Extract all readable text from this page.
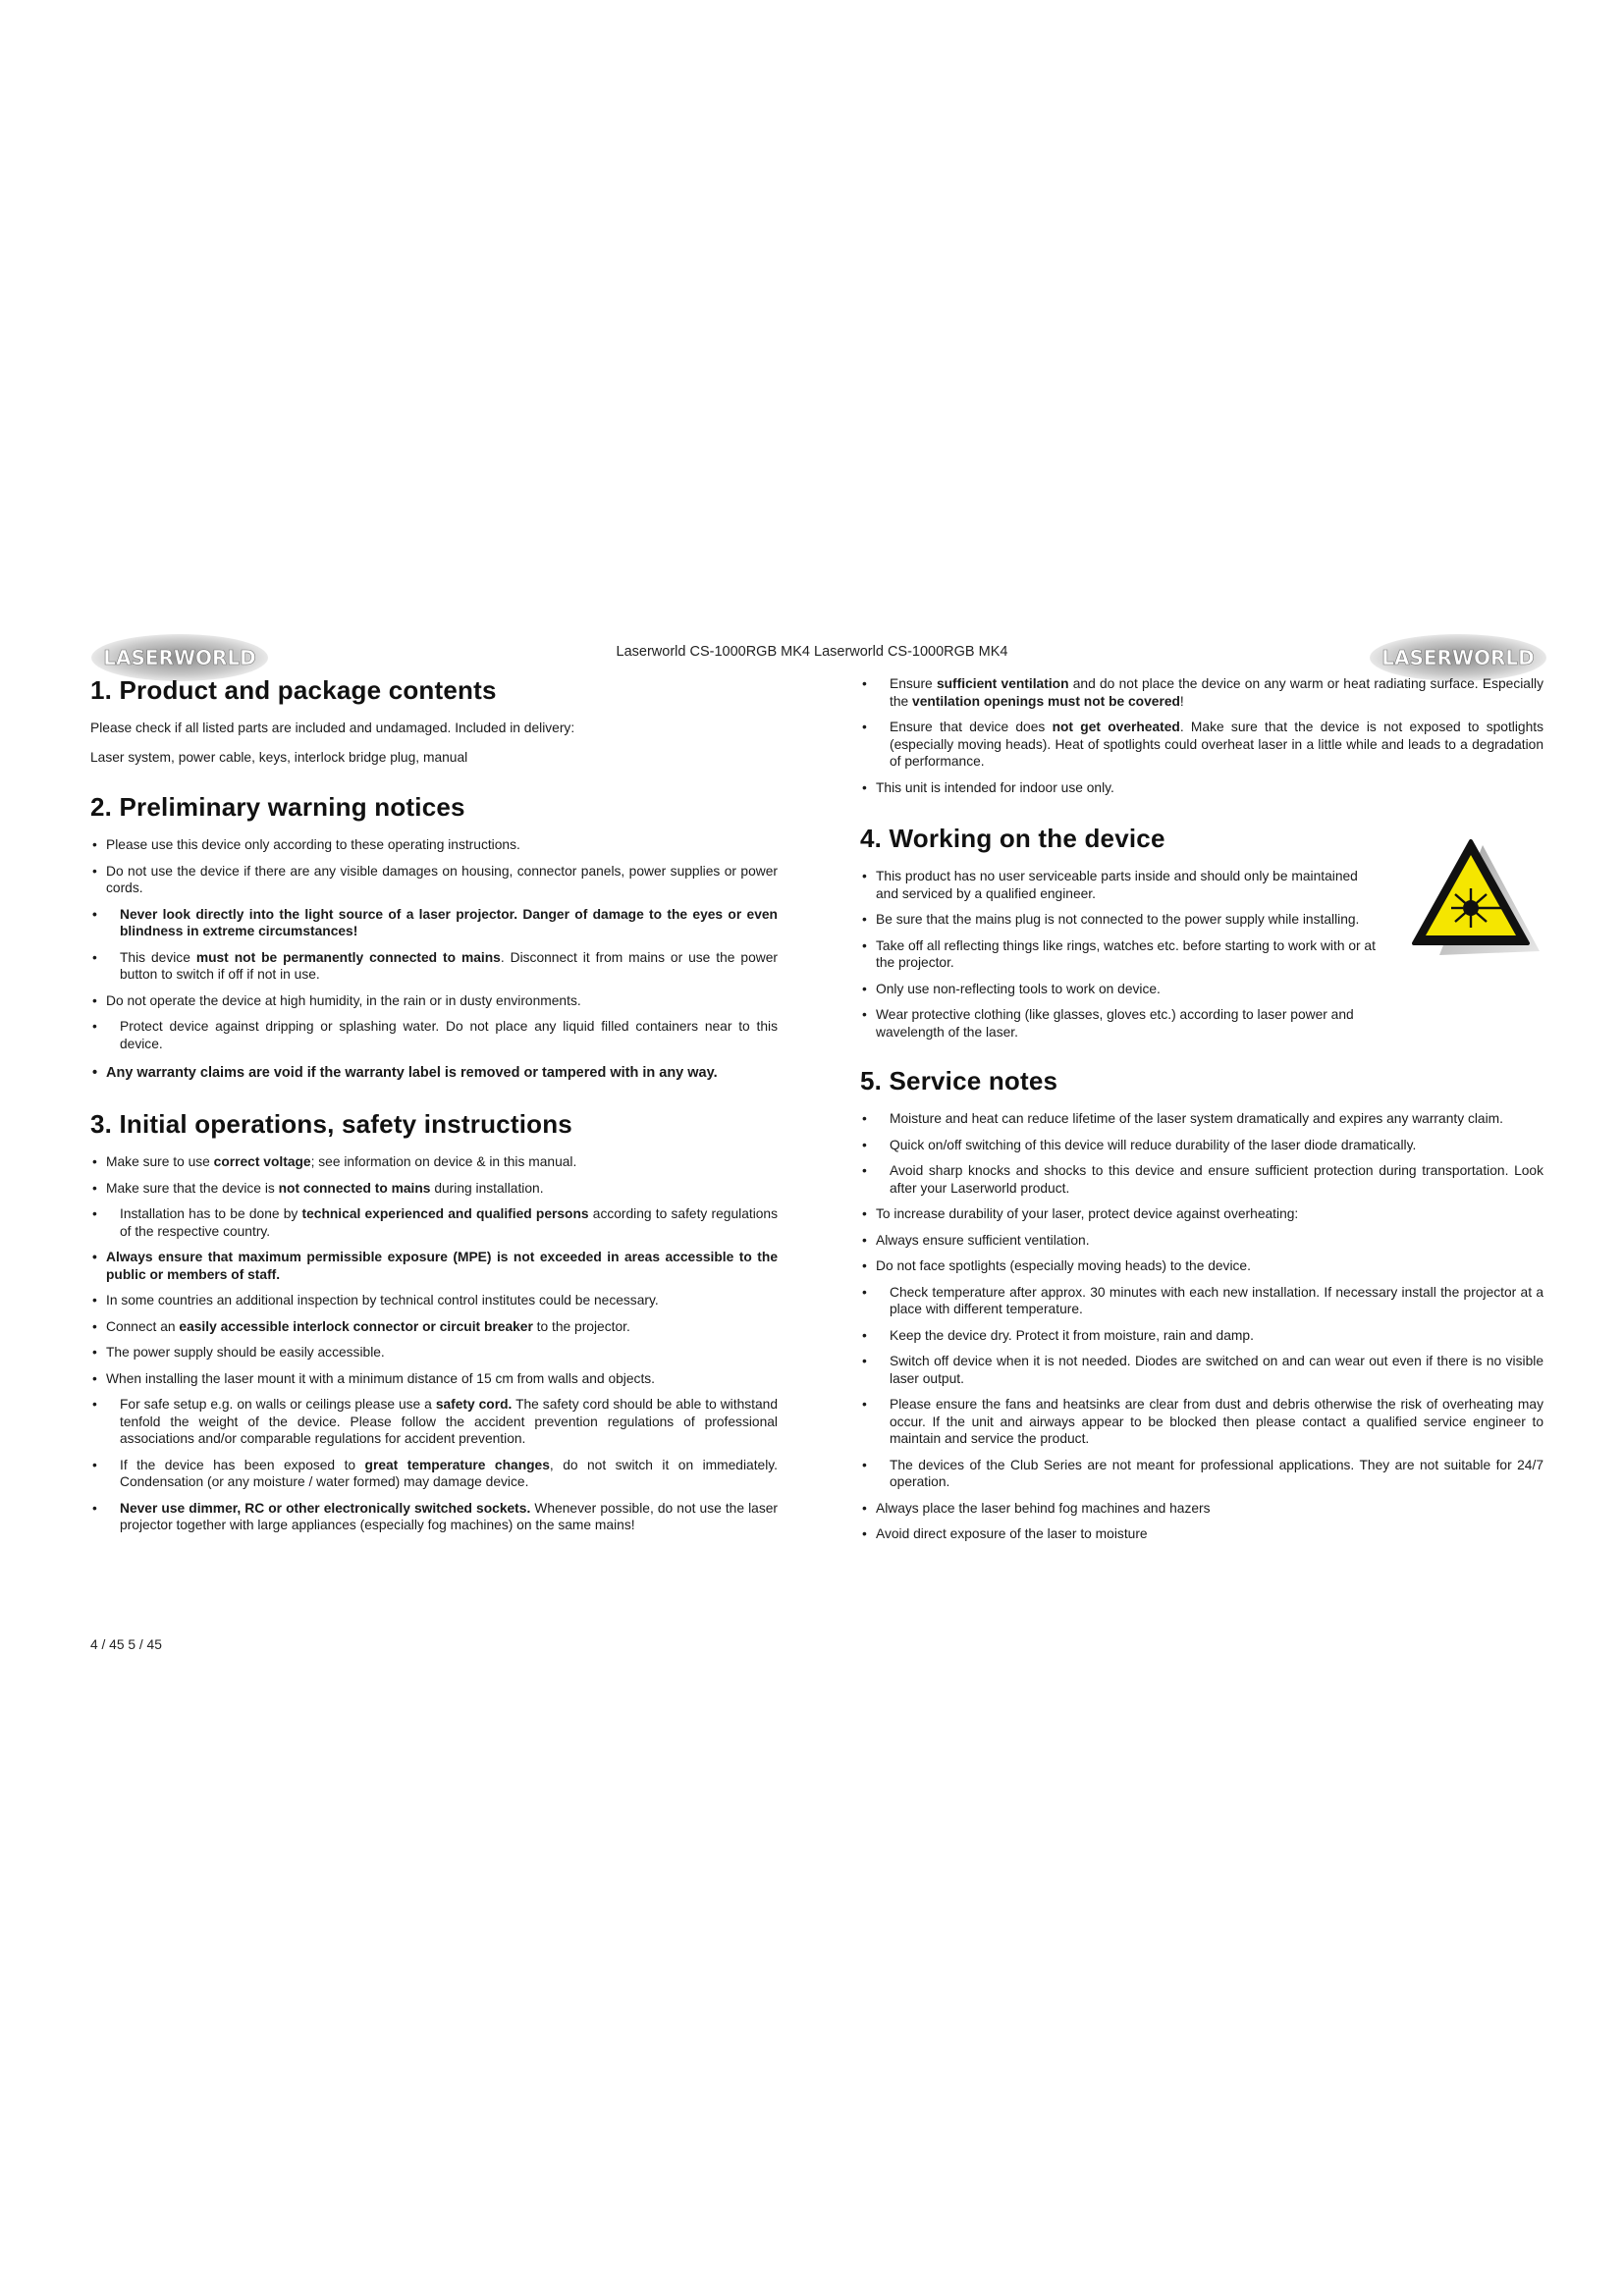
LASERWORLD	LASERWORLD
Laserworld CS-1000RGB MK4 Laserworld CS-1000RGB MK4
1. Product and package contents

Please check if all listed parts are included and undamaged. Included in delivery:

Laser system, power cable, keys, interlock bridge plug, manual

2. Preliminary warning notices
• Please use this device only according to these operating instructions.
• Do not use the device if there are any visible damages on housing, connector panels, power supplies or power cords.
• Never look directly into the light source of a laser projector. Danger of damage to the eyes or even blindness in extreme circumstances!
• This device must not be permanently connected to mains. Disconnect it from mains or use the power button to switch if off if not in use.
• Do not operate the device at high humidity, in the rain or in dusty environments.
• Protect device against dripping or splashing water. Do not place any liquid filled containers near to this device.
• Any warranty claims are void if the warranty label is removed or tampered with in any way.
3. Initial operations, safety instructions
• Make sure to use correct voltage; see information on device & in this manual.
• Make sure that the device is not connected to mains during installation.
• Installation has to be done by technical experienced and qualified persons according to safety regulations of the respective country.
• Always ensure that maximum permissible exposure (MPE) is not exceeded in areas accessible to the public or members of staff.
• In some countries an additional inspection by technical control institutes could be necessary.
• Connect an easily accessible interlock connector or circuit breaker to the projector.
• The power supply should be easily accessible.
• When installing the laser mount it with a minimum distance of 15 cm from walls and objects.
• For safe setup e.g. on walls or ceilings please use a safety cord. The safety cord should be able to withstand tenfold the weight of the device. Please follow the accident prevention regulations of professional associations and/or comparable regulations for accident prevention.
• If the device has been exposed to great temperature changes, do not switch it on immediately. Condensation (or any moisture / water formed) may damage device.
• Never use dimmer, RC or other electronically switched sockets. Whenever possible, do not use the laser projector together with large appliances (especially fog machines) on the same mains!
• Ensure sufficient ventilation and do not place the device on any warm or heat radiating surface. Especially the ventilation openings must not be covered!
• Ensure that device does not get overheated. Make sure that the device is not exposed to spotlights (especially moving heads). Heat of spotlights could overheat laser in a little while and leads to a degradation of performance.
• This unit is intended for indoor use only.
4. Working on the device
• This product has no user serviceable parts inside and should only be maintained and serviced by a qualified engineer.
• Be sure that the mains plug is not connected to the power supply while installing.
• Take off all reflecting things like rings, watches etc. before starting to work with or at the projector.
• Only use non-reflecting tools to work on device.
• Wear protective clothing (like glasses, gloves etc.) according to laser power and wavelength of the laser.
5. Service notes
• Moisture and heat can reduce lifetime of the laser system dramatically and expires any warranty claim.
• Quick on/off switching of this device will reduce durability of the laser diode dramatically.
• Avoid sharp knocks and shocks to this device and ensure sufficient protection during transportation. Look after your Laserworld product.
• To increase durability of your laser, protect device against overheating:
• Always ensure sufficient ventilation.
• Do not face spotlights (especially moving heads) to the device.
• Check temperature after approx. 30 minutes with each new installation. If necessary install the projector at a place with different temperature.
• Keep the device dry. Protect it from moisture, rain and damp.
• Switch off device when it is not needed. Diodes are switched on and can wear out even if there is no visible laser output.
• Please ensure the fans and heatsinks are clear from dust and debris otherwise the risk of overheating may occur. If the unit and airways appear to be blocked then please contact a qualified service engineer to maintain and service the product.
• The devices of the Club Series are not meant for professional applications. They are not suitable for 24/7 operation.
• Always place the laser behind fog machines and hazers
• Avoid direct exposure of the laser to moisture
4 / 45 5 / 45
